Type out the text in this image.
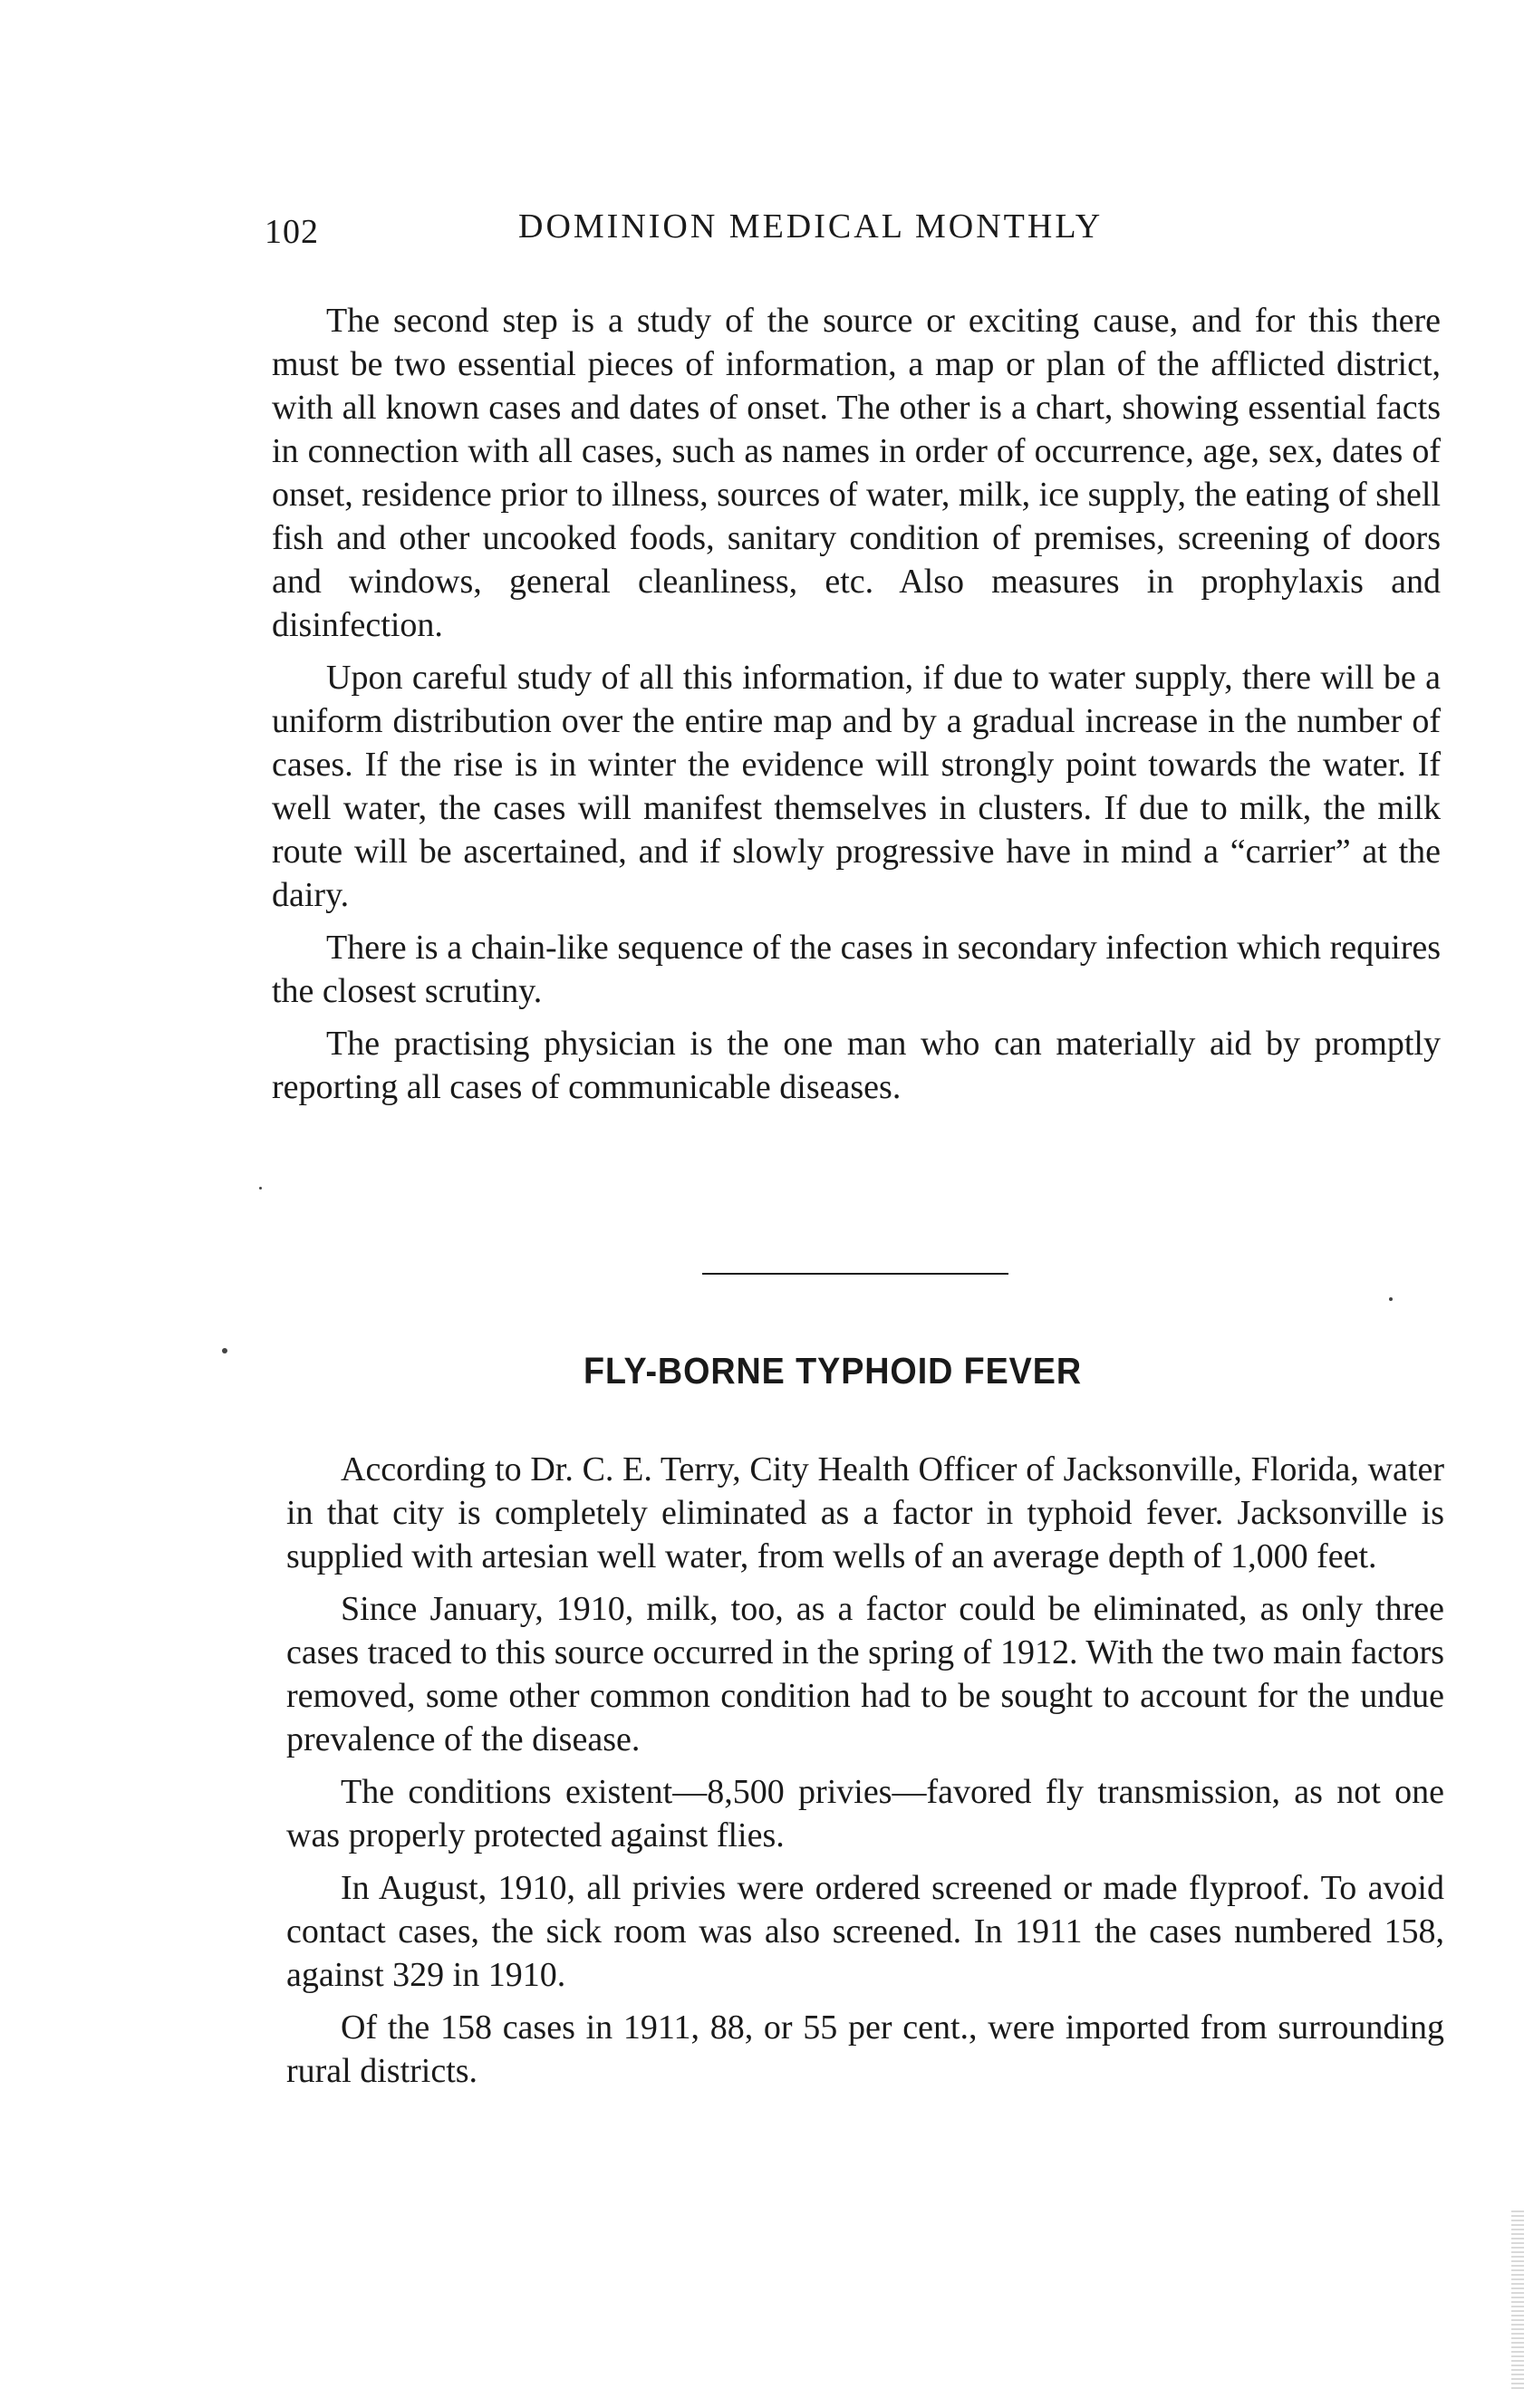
102	DOMINION MEDICAL MONTHLY

The second step is a study of the source or exciting cause, and for this there must be two essential pieces of information, a map or plan of the afflicted district, with all known cases and dates of onset. The other is a chart, showing essential facts in connection with all cases, such as names in order of occurrence, age, sex, dates of onset, residence prior to illness, sources of water, milk, ice supply, the eating of shell fish and other uncooked foods, sanitary condition of premises, screening of doors and windows, general cleanliness, etc. Also measures in prophylaxis and disinfection.

Upon careful study of all this information, if due to water supply, there will be a uniform distribution over the entire map and by a gradual increase in the number of cases. If the rise is in winter the evidence will strongly point towards the water. If well water, the cases will manifest themselves in clusters. If due to milk, the milk route will be ascertained, and if slowly progressive have in mind a “carrier” at the dairy.

There is a chain-like sequence of the cases in secondary infection which requires the closest scrutiny.

The practising physician is the one man who can materially aid by promptly reporting all cases of communicable diseases.

FLY-BORNE TYPHOID FEVER

According to Dr. C. E. Terry, City Health Officer of Jacksonville, Florida, water in that city is completely eliminated as a factor in typhoid fever. Jacksonville is supplied with artesian well water, from wells of an average depth of 1,000 feet.

Since January, 1910, milk, too, as a factor could be eliminated, as only three cases traced to this source occurred in the spring of 1912. With the two main factors removed, some other common condition had to be sought to account for the undue prevalence of the disease.

The conditions existent—8,500 privies—favored fly transmission, as not one was properly protected against flies.

In August, 1910, all privies were ordered screened or made flyproof. To avoid contact cases, the sick room was also screened. In 1911 the cases numbered 158, against 329 in 1910.

Of the 158 cases in 1911, 88, or 55 per cent., were imported from surrounding rural districts.
